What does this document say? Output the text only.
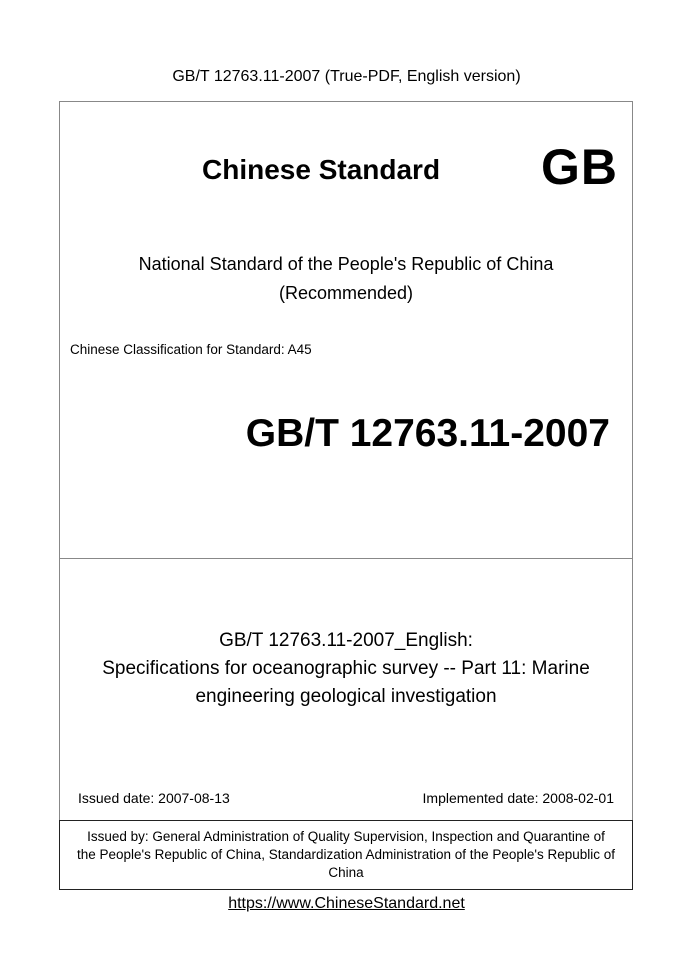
GB/T 12763.11-2007 (True-PDF, English version)
Chinese Standard GB
National Standard of the People's Republic of China
(Recommended)
Chinese Classification for Standard: A45
GB/T 12763.11-2007
GB/T 12763.11-2007_English:
Specifications for oceanographic survey -- Part 11: Marine
engineering geological investigation
Issued date: 2007-08-13	Implemented date: 2008-02-01
Issued by: General Administration of Quality Supervision, Inspection and Quarantine of
the People's Republic of China, Standardization Administration of the People's Republic of
China
https://www.ChineseStandard.net
